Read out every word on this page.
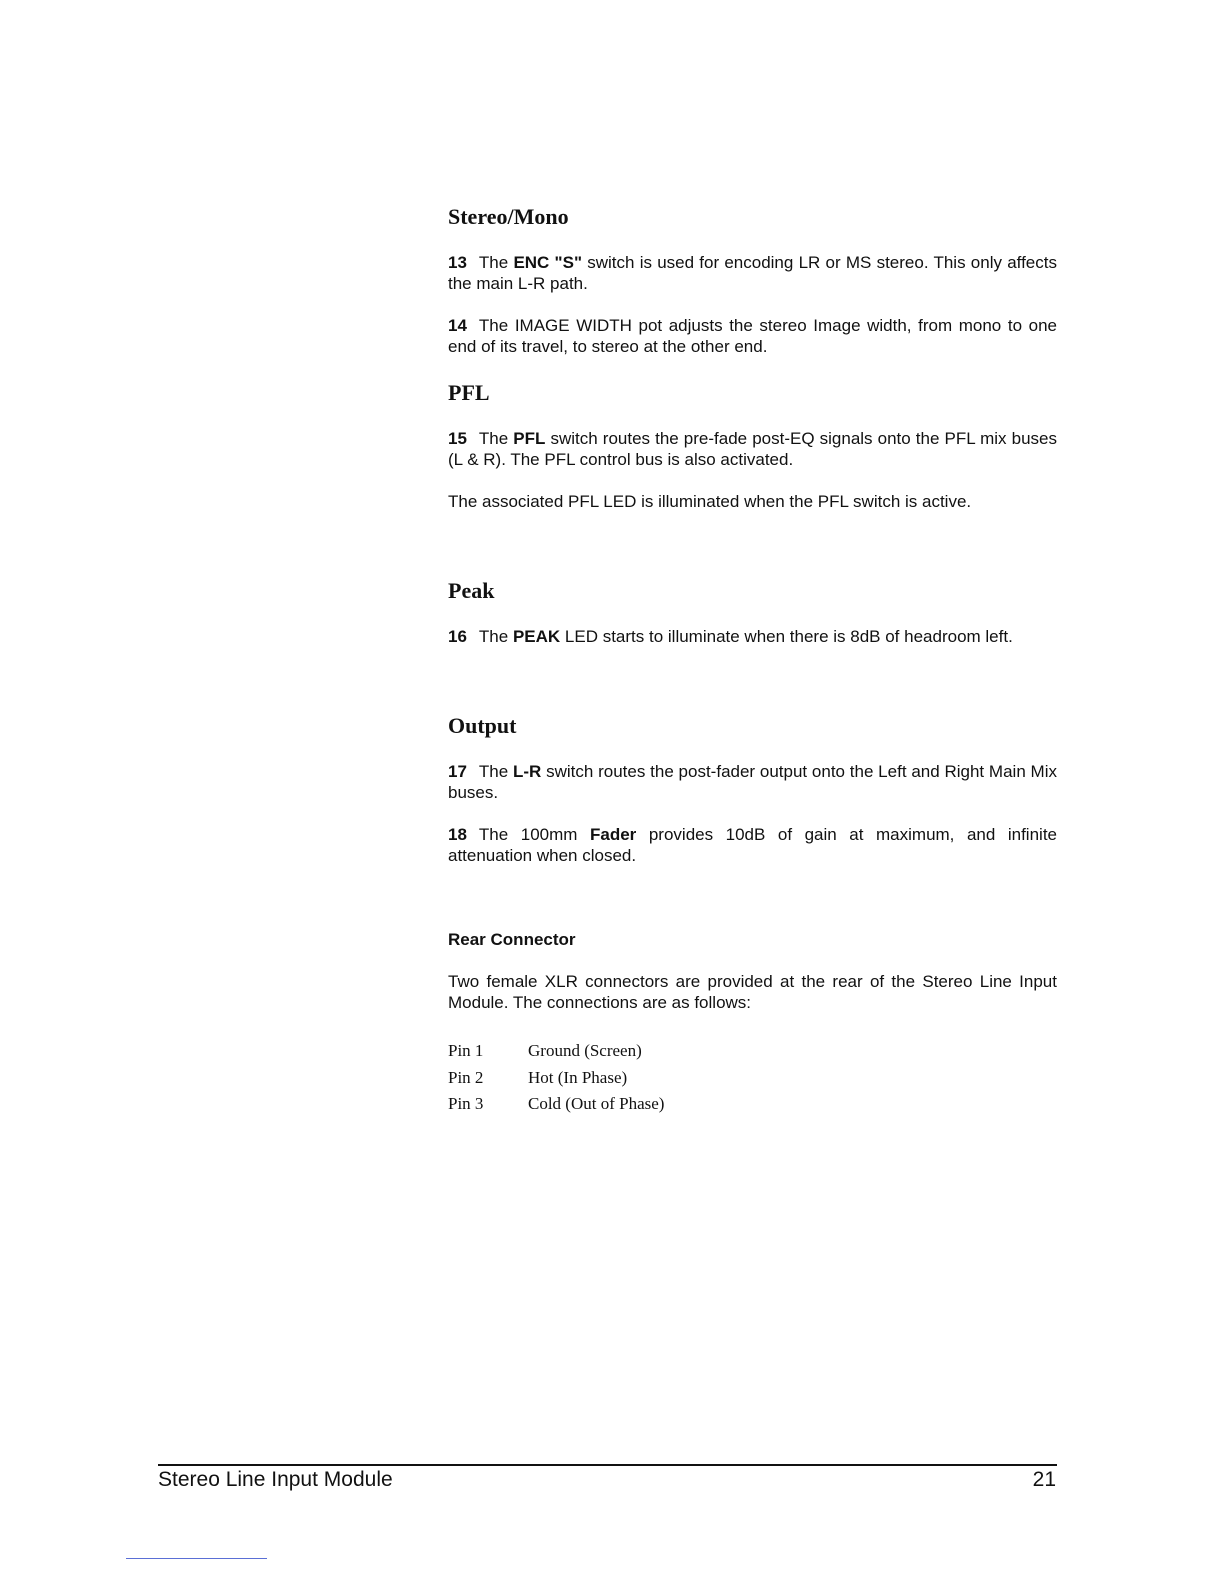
Stereo/Mono

13 The ENC "S" switch is used for encoding LR or MS stereo. This only affects the main L-R path.

14 The IMAGE WIDTH pot adjusts the stereo Image width, from mono to one end of its travel, to stereo at the other end.

PFL

15 The PFL switch routes the pre-fade post-EQ signals onto the PFL mix buses (L & R). The PFL control bus is also activated.

The associated PFL LED is illuminated when the PFL switch is active.

Peak

16 The PEAK LED starts to illuminate when there is 8dB of headroom left.

Output

17 The L-R switch routes the post-fader output onto the Left and Right Main Mix buses.

18 The 100mm Fader provides 10dB of gain at maximum, and infinite attenuation when closed.

Rear Connector

Two female XLR connectors are provided at the rear of the Stereo Line Input Module. The connections are as follows:

Pin 1	Ground (Screen)
Pin 2	Hot (In Phase)
Pin 3	Cold (Out of Phase)
Stereo Line Input Module	21
